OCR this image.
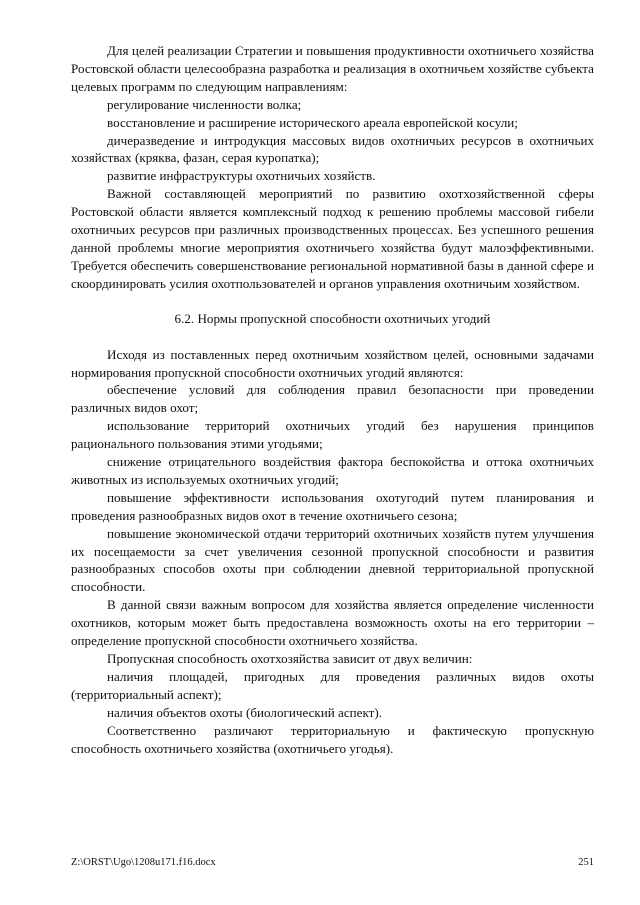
Для целей реализации Стратегии и повышения продуктивности охотничьего хозяйства Ростовской области целесообразна разработка и реализация в охотничьем хозяйстве субъекта целевых программ по следующим направлениям:

регулирование численности волка;

восстановление и расширение исторического ареала европейской косули;

дичеразведение и интродукция массовых видов охотничьих ресурсов в охотничьих хозяйствах (кряква, фазан, серая куропатка);

развитие инфраструктуры охотничьих хозяйств.

Важной составляющей мероприятий по развитию охотхозяйственной сферы Ростовской области является комплексный подход к решению проблемы массовой гибели охотничьих ресурсов при различных производственных процессах. Без успешного решения данной проблемы многие мероприятия охотничьего хозяйства будут малоэффективными. Требуется обеспечить совершенствование региональной нормативной базы в данной сфере и скоординировать усилия охотпользователей и органов управления охотничьим хозяйством.

6.2. Нормы пропускной способности охотничьих угодий

Исходя из поставленных перед охотничьим хозяйством целей, основными задачами нормирования пропускной способности охотничьих угодий являются:

обеспечение условий для соблюдения правил безопасности при проведении различных видов охот;

использование территорий охотничьих угодий без нарушения принципов рационального пользования этими угодьями;

снижение отрицательного воздействия фактора беспокойства и оттока охотничьих животных из используемых охотничьих угодий;

повышение эффективности использования охотугодий путем планирования и проведения разнообразных видов охот в течение охотничьего сезона;

повышение экономической отдачи территорий охотничьих хозяйств путем улучшения их посещаемости за счет увеличения сезонной пропускной способности и развития разнообразных способов охоты при соблюдении дневной территориальной пропускной способности.

В данной связи важным вопросом для хозяйства является определение численности охотников, которым может быть предоставлена возможность охоты на его территории – определение пропускной способности охотничьего хозяйства.

Пропускная способность охотхозяйства зависит от двух величин:

наличия площадей, пригодных для проведения различных видов охоты (территориальный аспект);

наличия объектов охоты (биологический аспект).

Соответственно различают территориальную и фактическую пропускную способность охотничьего хозяйства (охотничьего угодья).

Z:\ORST\Ugo\1208u171.f16.docx	251
